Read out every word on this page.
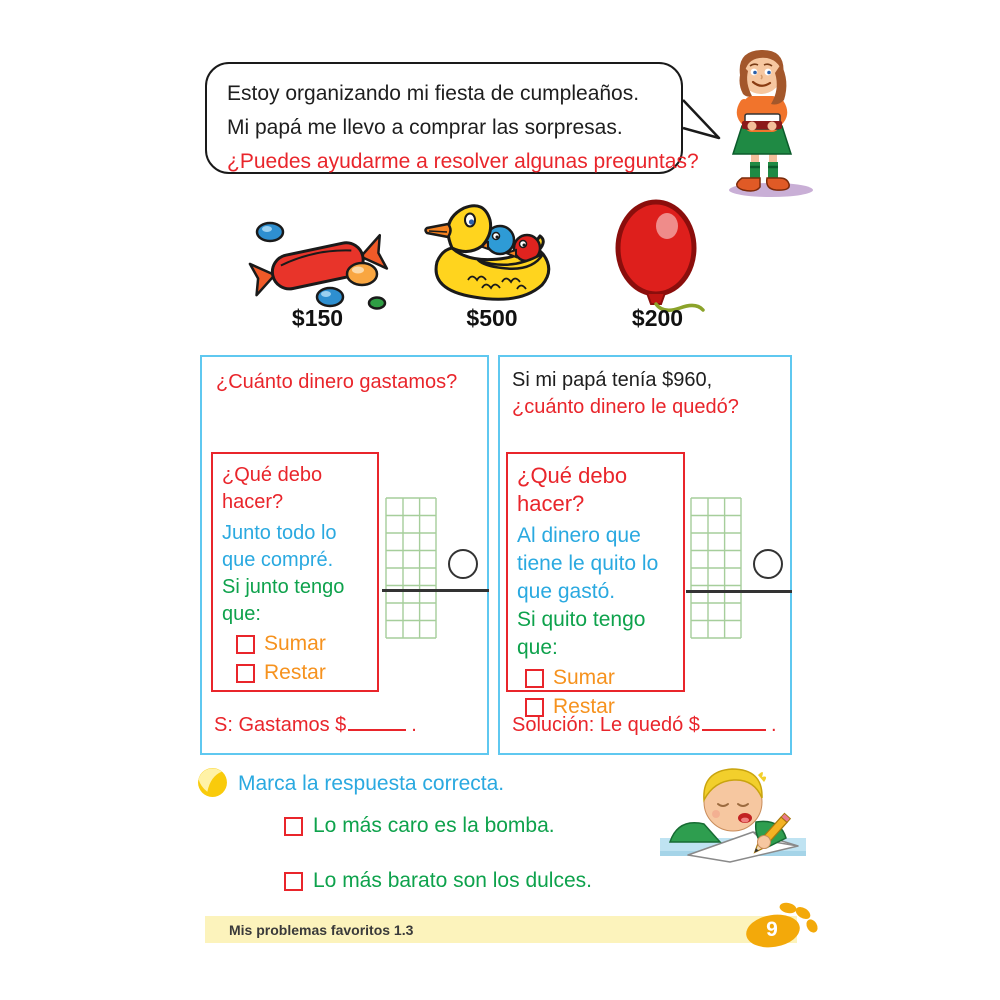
Estoy organizando mi fiesta de cumpleaños.

Mi papá me llevo a comprar las sorpresas.

¿Puedes ayudarme a resolver algunas preguntas?

$150	$500	$200
¿Cuánto dinero gastamos?
¿Qué debo hacer?
Junto todo lo que compré.
Si junto tengo que:
Sumar
Restar
S: Gastamos $	.
Si mi papá tenía $960,
¿cuánto dinero le quedó?
¿Qué debo hacer?
Al dinero que tiene le quito lo que gastó.
Si quito tengo que:
Sumar
Restar
Solución: Le quedó $	.
Marca la respuesta correcta.
Lo más caro es la bomba.
Lo más barato son los dulces.
Mis problemas favoritos 1.3	9
